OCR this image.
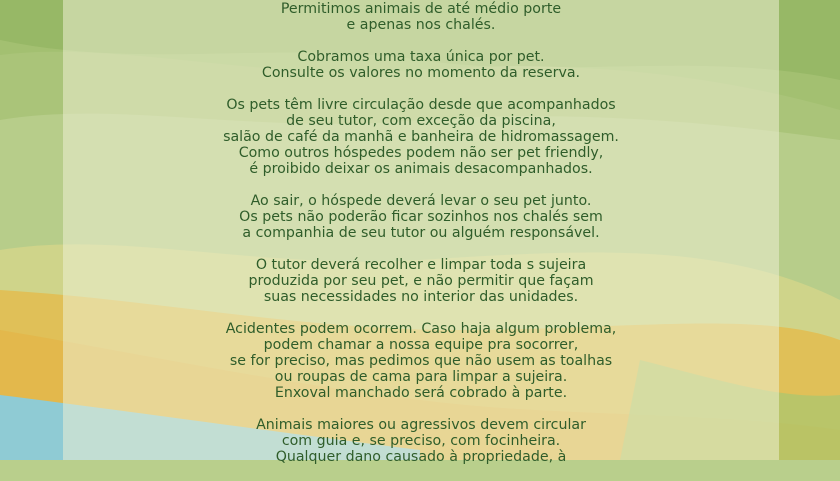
Permitimos animais de até médio porte
e apenas nos chalés.
Cobramos uma taxa única por pet.
Consulte os valores no momento da reserva.
Os pets têm livre circulação desde que acompanhados
de seu tutor, com exceção da piscina,
salão de café da manhã e banheira de hidromassagem.
Como outros hóspedes podem não ser pet friendly,
é proibido deixar os animais desacompanhados.
Ao sair, o hóspede deverá levar o seu pet junto.
Os pets não poderão ficar sozinhos nos chalés sem
a companhia de seu tutor ou alguém responsável.
O tutor deverá recolher e limpar toda s sujeira
produzida por seu pet, e não permitir que façam
suas necessidades no interior das unidades.
Acidentes podem ocorrem. Caso haja algum problema,
podem chamar a nossa equipe pra socorrer,
se for preciso, mas pedimos que não usem as toalhas
ou roupas de cama para limpar a sujeira.
Enxoval manchado será cobrado à parte.
Animais maiores ou agressivos devem circular
com guia e, se preciso, com focinheira.
Qualquer dano causado à propriedade, à
